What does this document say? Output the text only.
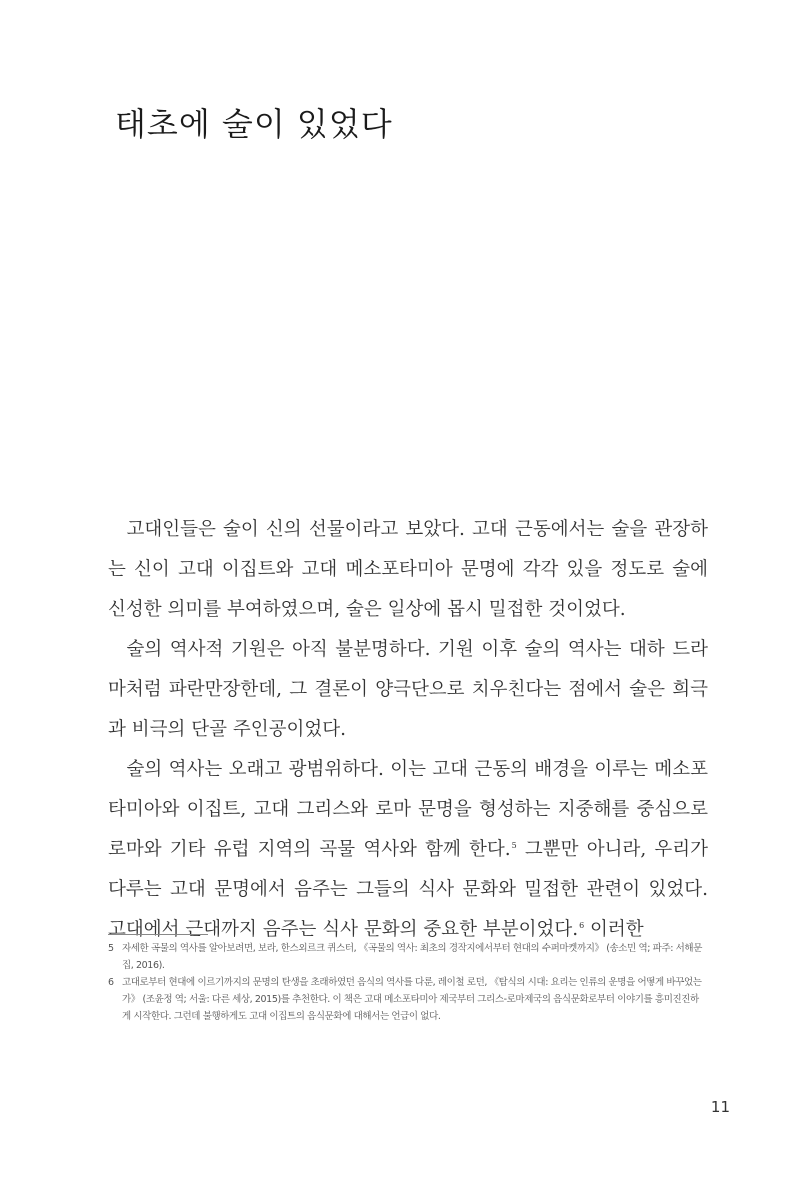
태초에 술이 있었다

고대인들은 술이 신의 선물이라고 보았다. 고대 근동에서는 술을 관장하는 신이 고대 이집트와 고대 메소포타미아 문명에 각각 있을 정도로 술에 신성한 의미를 부여하였으며, 술은 일상에 몹시 밀접한 것이었다.

술의 역사적 기원은 아직 불분명하다. 기원 이후 술의 역사는 대하 드라마처럼 파란만장한데, 그 결론이 양극단으로 치우친다는 점에서 술은 희극과 비극의 단골 주인공이었다.

술의 역사는 오래고 광범위하다. 이는 고대 근동의 배경을 이루는 메소포타미아와 이집트, 고대 그리스와 로마 문명을 형성하는 지중해를 중심으로 로마와 기타 유럽 지역의 곡물 역사와 함께 한다.$^5$ 그뿐만 아니라, 우리가 다루는 고대 문명에서 음주는 그들의 식사 문화와 밀접한 관련이 있었다. 고대에서 근대까지 음주는 식사 문화의 중요한 부분이었다.$^6$ 이러한

5 자세한 곡물의 역사를 알아보려면, 보라, 한스외르크 퀴스터, 《곡물의 역사: 최초의 경작지에서부터 현대의 수퍼마켓까지》 (송소민 역; 파주: 서해문집, 2016).
6 고대로부터 현대에 이르기까지의 문명의 탄생을 초래하였던 음식의 역사를 다룬, 레이철 로던, 《탐식의 시대: 요리는 인류의 운명을 어떻게 바꾸었는가》 (조윤정 역; 서울: 다른 세상, 2015)를 추천한다. 이 책은 고대 메소포타미아 제국부터 그리스-로마제국의 음식문화로부터 이야기를 흥미진진하게 시작한다. 그런데 불행하게도 고대 이집트의 음식문화에 대해서는 언급이 없다.
11
